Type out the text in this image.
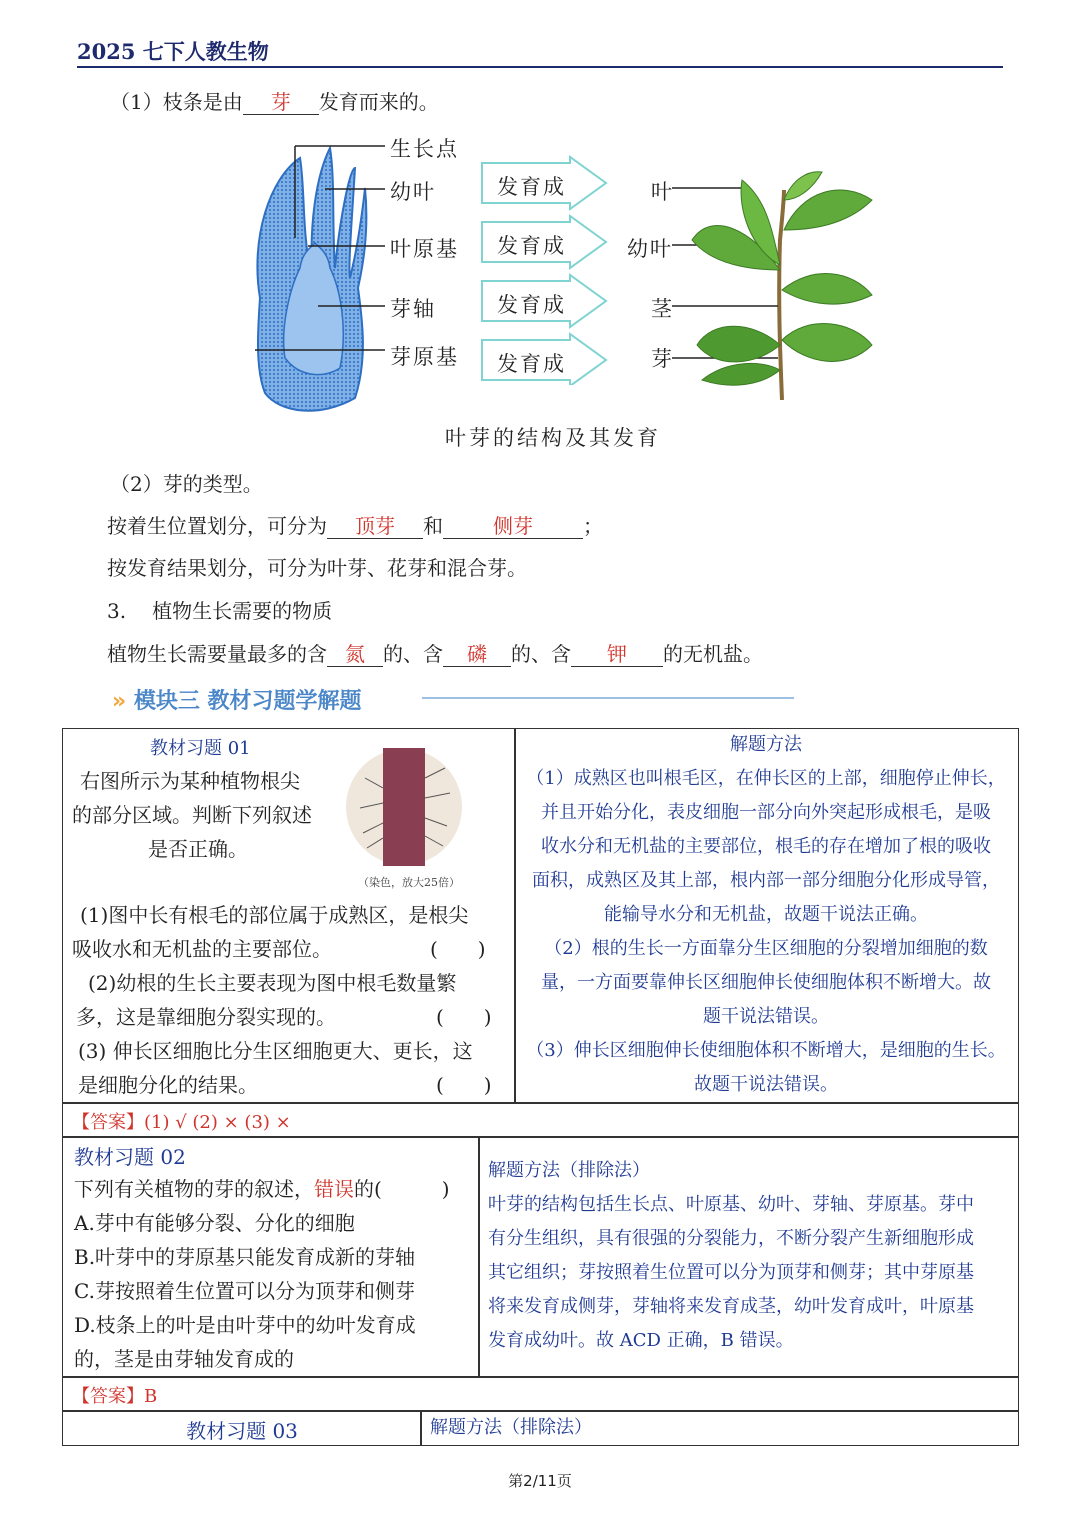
2025 七下人教生物
（1）枝条是由 芽 发育而来的。
生长点
幼叶
叶原基
芽轴
芽原基
发育成
发育成
发育成
发育成
叶
幼叶
茎
芽
叶芽的结构及其发育
（2）芽的类型。
按着生位置划分，可分为 顶芽 和	侧芽	；
按发育结果划分，可分为叶芽、花芽和混合芽。
3. 植物生长需要的物质
植物生长需要量最多的含 氮 的、含 磷 的、含 钾 的无机盐。
» 模块三 教材习题学解题
教材习题 01
右图所示为某种植物根尖
的部分区域。判断下列叙述
是否正确。
（染色，放大25倍）
(1)图中长有根毛的部位属于成熟区，是根尖
吸收水和无机盐的主要部位。	(　　)
(2)幼根的生长主要表现为图中根毛数量繁
多，这是靠细胞分裂实现的。	(　　)
(3) 伸长区细胞比分生区细胞更大、更长，这
是细胞分化的结果。	(　　)
解题方法
（1）成熟区也叫根毛区，在伸长区的上部，细胞停止伸长，
并且开始分化，表皮细胞一部分向外突起形成根毛，是吸
收水分和无机盐的主要部位，根毛的存在增加了根的吸收
面积，成熟区及其上部，根内部一部分细胞分化形成导管，
能输导水分和无机盐，故题干说法正确。
（2）根的生长一方面靠分生区细胞的分裂增加细胞的数
量，一方面要靠伸长区细胞伸长使细胞体积不断增大。故
题干说法错误。
（3）伸长区细胞伸长使细胞体积不断增大，是细胞的生长。
故题干说法错误。
【答案】(1) √ (2) × (3) ×
教材习题 02
下列有关植物的芽的叙述，错误的(　　　)
A.芽中有能够分裂、分化的细胞
B.叶芽中的芽原基只能发育成新的芽轴
C.芽按照着生位置可以分为顶芽和侧芽
D.枝条上的叶是由叶芽中的幼叶发育成
的，茎是由芽轴发育成的
解题方法（排除法）
叶芽的结构包括生长点、叶原基、幼叶、芽轴、芽原基。芽中
有分生组织，具有很强的分裂能力，不断分裂产生新细胞形成
其它组织；芽按照着生位置可以分为顶芽和侧芽；其中芽原基
将来发育成侧芽，芽轴将来发育成茎，幼叶发育成叶，叶原基
发育成幼叶。故 ACD 正确，B 错误。
【答案】B
教材习题 03	解题方法（排除法）
第2/11页
